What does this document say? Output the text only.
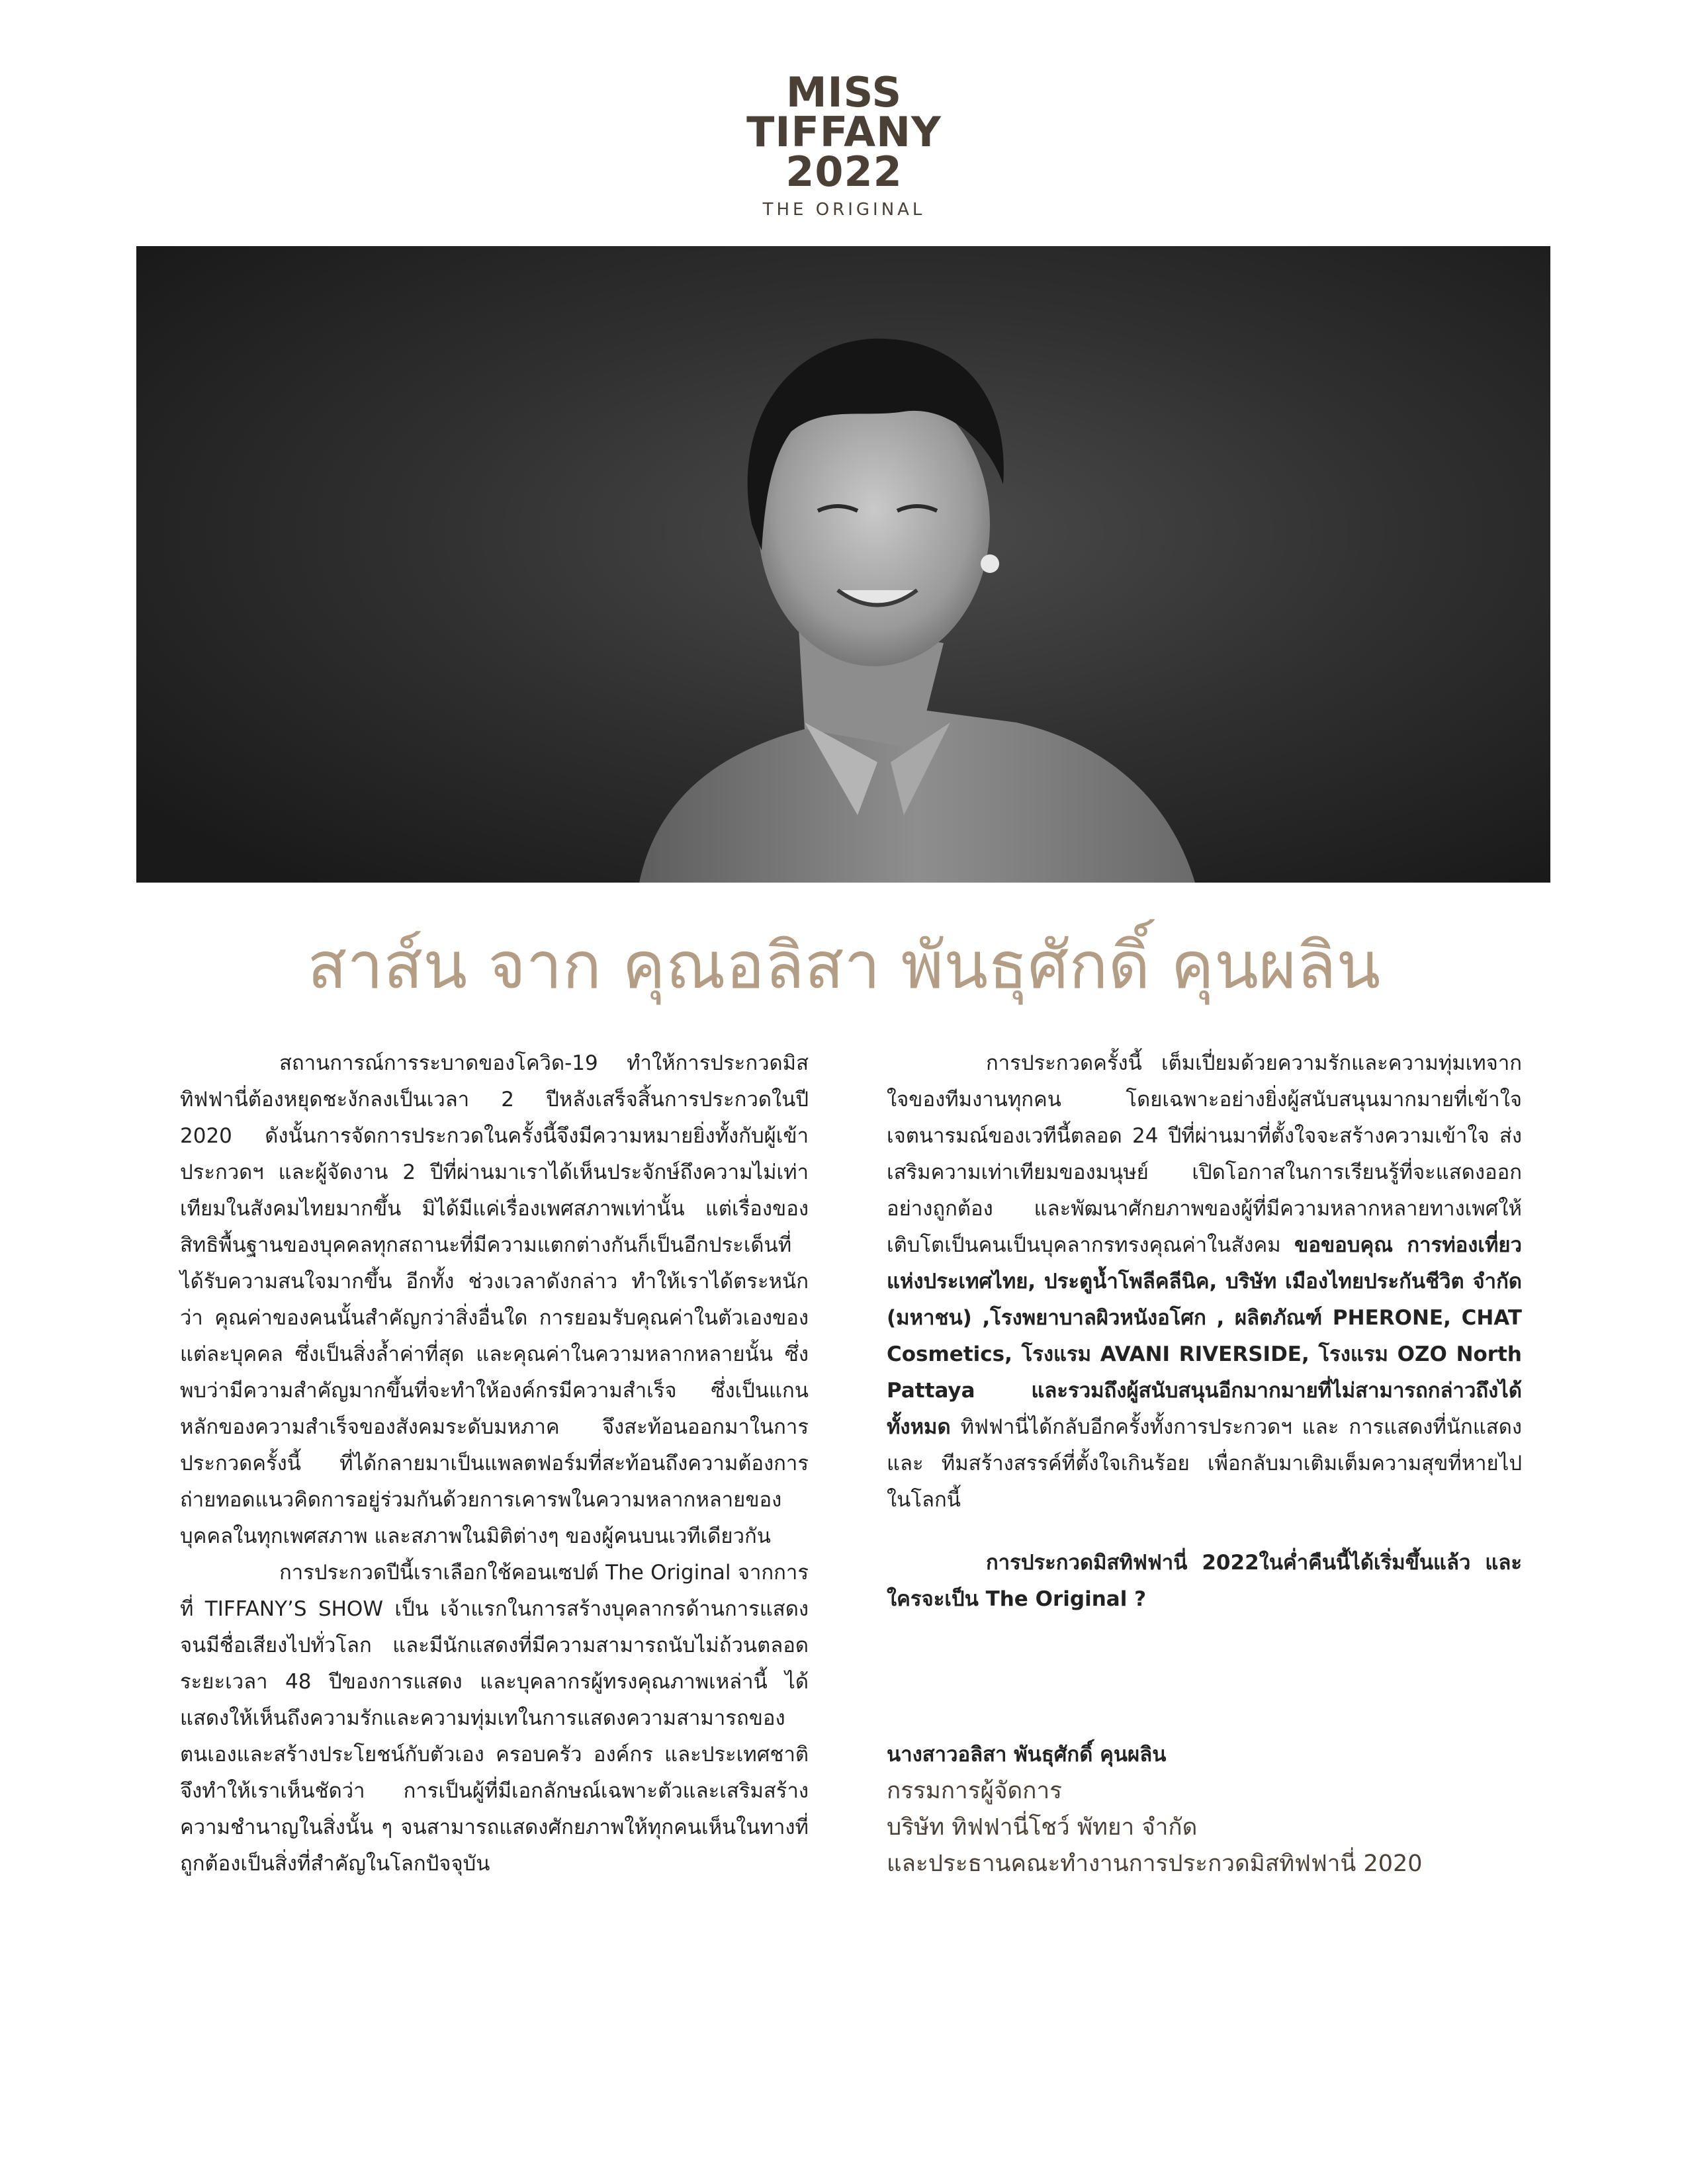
MISS
TIFFANY
2022
THE ORIGINAL
สาส์น จาก คุณอลิสา พันธุศักดิ์ คุนผลิน

สถานการณ์การระบาดของโควิด-19 ทำให้การประกวดมิสทิฟฟานี่ต้องหยุดชะงักลงเป็นเวลา 2 ปีหลังเสร็จสิ้นการประกวดในปี 2020 ดังนั้นการจัดการประกวดในครั้งนี้จึงมีความหมายยิ่งทั้งกับผู้เข้าประกวดฯ และผู้จัดงาน 2 ปีที่ผ่านมาเราได้เห็นประจักษ์ถึงความไม่เท่าเทียมในสังคมไทยมากขึ้น มิได้มีแค่เรื่องเพศสภาพเท่านั้น แต่เรื่องของสิทธิพื้นฐานของบุคคลทุกสถานะที่มีความแตกต่างกันก็เป็นอีกประเด็นที่ได้รับความสนใจมากขึ้น อีกทั้ง ช่วงเวลาดังกล่าว ทำให้เราได้ตระหนักว่า คุณค่าของคนนั้นสำคัญกว่าสิ่งอื่นใด การยอมรับคุณค่าในตัวเองของแต่ละบุคคล ซึ่งเป็นสิ่งล้ำค่าที่สุด และคุณค่าในความหลากหลายนั้น ซึ่งพบว่ามีความสำคัญมากขึ้นที่จะทำให้องค์กรมีความสำเร็จ ซึ่งเป็นแกนหลักของความสำเร็จของสังคมระดับมหภาค จึงสะท้อนออกมาในการประกวดครั้งนี้ ที่ได้กลายมาเป็นแพลตฟอร์มที่สะท้อนถึงความต้องการถ่ายทอดแนวคิดการอยู่ร่วมกันด้วยการเคารพในความหลากหลายของบุคคลในทุกเพศสภาพ และสภาพในมิติต่างๆ ของผู้คนบนเวทีเดียวกัน

การประกวดปีนี้เราเลือกใช้คอนเซปต์ The Original จากการที่ TIFFANY’S SHOW เป็น เจ้าแรกในการสร้างบุคลากรด้านการแสดงจนมีชื่อเสียงไปทั่วโลก และมีนักแสดงที่มีความสามารถนับไม่ถ้วนตลอดระยะเวลา 48 ปีของการแสดง และบุคลากรผู้ทรงคุณภาพเหล่านี้ ได้แสดงให้เห็นถึงความรักและความทุ่มเทในการแสดงความสามารถของตนเองและสร้างประโยชน์กับตัวเอง ครอบครัว องค์กร และประเทศชาติ จึงทำให้เราเห็นชัดว่า การเป็นผู้ที่มีเอกลักษณ์เฉพาะตัวและเสริมสร้างความชำนาญในสิ่งนั้น ๆ จนสามารถแสดงศักยภาพให้ทุกคนเห็นในทางที่ถูกต้องเป็นสิ่งที่สำคัญในโลกปัจจุบัน

การประกวดครั้งนี้ เต็มเปี่ยมด้วยความรักและความทุ่มเทจากใจของทีมงานทุกคน โดยเฉพาะอย่างยิ่งผู้สนับสนุนมากมายที่เข้าใจเจตนารมณ์ของเวทีนี้ตลอด 24 ปีที่ผ่านมาที่ตั้งใจจะสร้างความเข้าใจ ส่งเสริมความเท่าเทียมของมนุษย์ เปิดโอกาสในการเรียนรู้ที่จะแสดงออกอย่างถูกต้อง และพัฒนาศักยภาพของผู้ที่มีความหลากหลายทางเพศให้เติบโตเป็นคนเป็นบุคลากรทรงคุณค่าในสังคม ขอขอบคุณ การท่องเที่ยวแห่งประเทศไทย, ประตูน้ำโพลีคลีนิค, บริษัท เมืองไทยประกันชีวิต จำกัด (มหาชน) ,โรงพยาบาลผิวหนังอโศก , ผลิตภัณฑ์ PHERONE, CHAT Cosmetics, โรงแรม AVANI RIVERSIDE, โรงแรม OZO North Pattaya และรวมถึงผู้สนับสนุนอีกมากมายที่ไม่สามารถกล่าวถึงได้ทั้งหมด ทิฟฟานี่ได้กลับอีกครั้งทั้งการประกวดฯ และ การแสดงที่นักแสดงและ ทีมสร้างสรรค์ที่ตั้งใจเกินร้อย เพื่อกลับมาเติมเต็มความสุขที่หายไปในโลกนี้

การประกวดมิสทิฟฟานี่ 2022ในค่ำคืนนี้ได้เริ่มขึ้นแล้ว และ ใครจะเป็น The Original ?

นางสาวอลิสา พันธุศักดิ์ คุนผลิน
กรรมการผู้จัดการ
บริษัท ทิฟฟานี่โชว์ พัทยา จำกัด
และประธานคณะทำงานการประกวดมิสทิฟฟานี่ 2020
